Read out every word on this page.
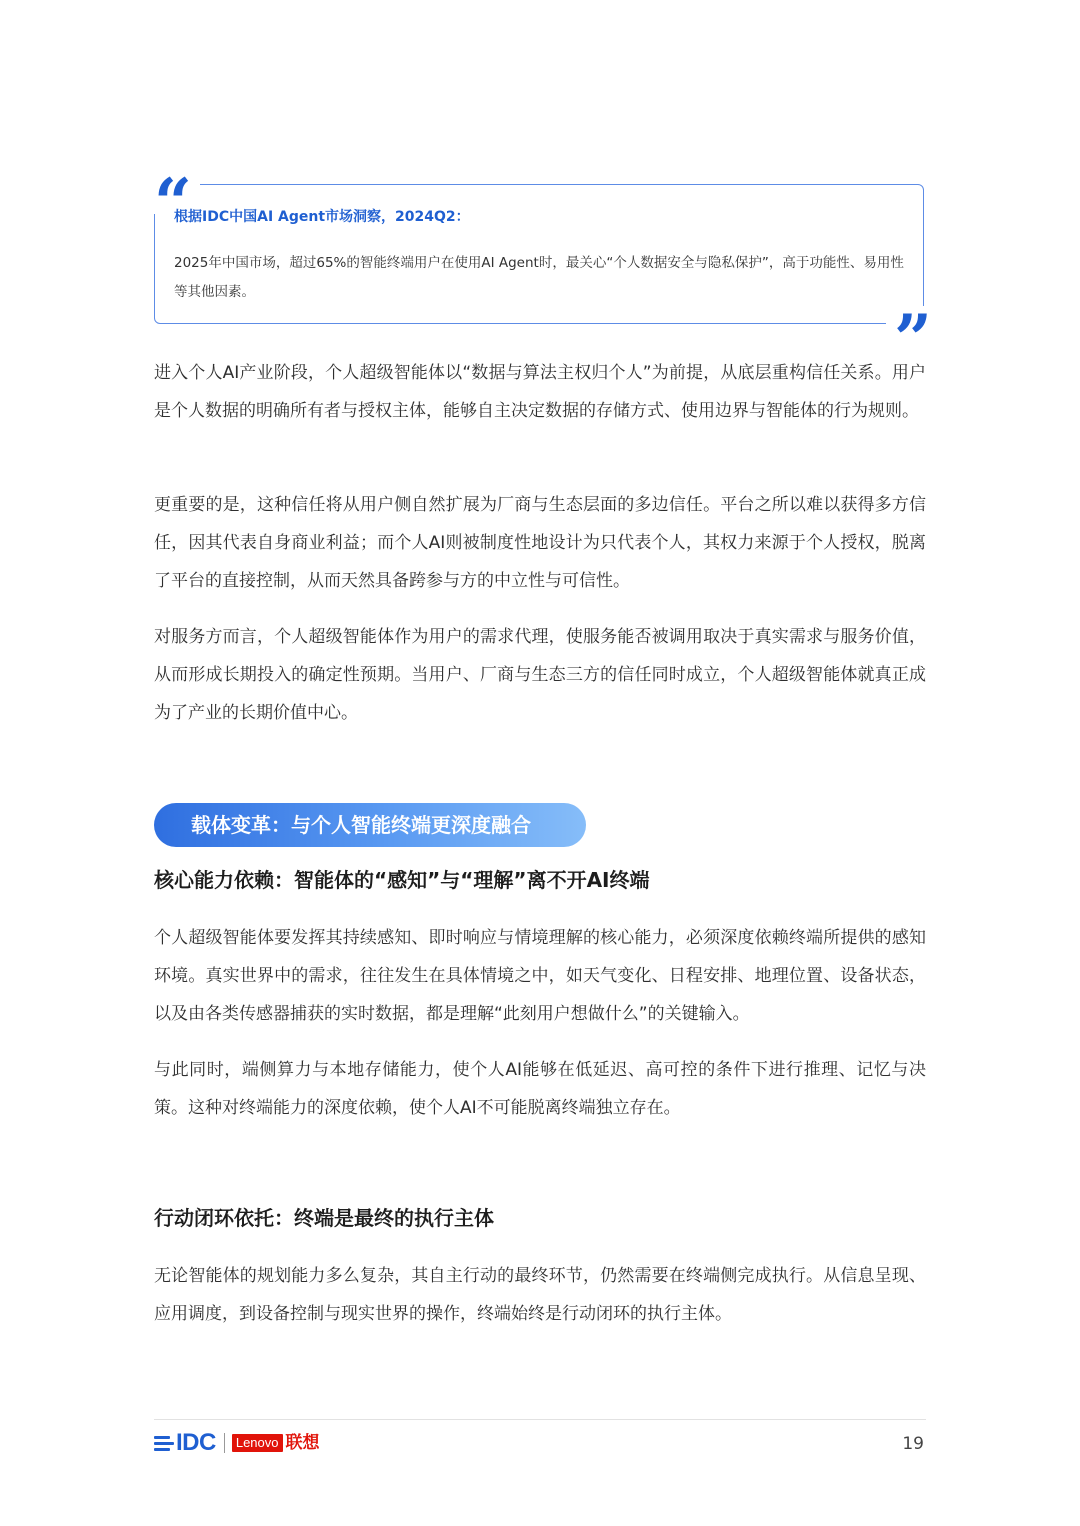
“
”
根据IDC中国AI Agent市场洞察，2024Q2：
2025年中国市场，超过65%的智能终端用户在使用AI Agent时，最关心“个人数据安全与隐私保护”，高于功能性、易用性等其他因素。

进入个人AI产业阶段，个人超级智能体以“数据与算法主权归个人”为前提，从底层重构信任关系。用户是个人数据的明确所有者与授权主体，能够自主决定数据的存储方式、使用边界与智能体的行为规则。

更重要的是，这种信任将从用户侧自然扩展为厂商与生态层面的多边信任。平台之所以难以获得多方信任，因其代表自身商业利益；而个人AI则被制度性地设计为只代表个人，其权力来源于个人授权，脱离了平台的直接控制，从而天然具备跨参与方的中立性与可信性。

对服务方而言，个人超级智能体作为用户的需求代理，使服务能否被调用取决于真实需求与服务价值，从而形成长期投入的确定性预期。当用户、厂商与生态三方的信任同时成立，个人超级智能体就真正成为了产业的长期价值中心。

载体变革：与个人智能终端更深度融合
核心能力依赖：智能体的“感知”与“理解”离不开AI终端

个人超级智能体要发挥其持续感知、即时响应与情境理解的核心能力，必须深度依赖终端所提供的感知环境。真实世界中的需求，往往发生在具体情境之中，如天气变化、日程安排、地理位置、设备状态，以及由各类传感器捕获的实时数据，都是理解“此刻用户想做什么”的关键输入。

与此同时，端侧算力与本地存储能力，使个人AI能够在低延迟、高可控的条件下进行推理、记忆与决策。这种对终端能力的深度依赖，使个人AI不可能脱离终端独立存在。

行动闭环依托：终端是最终的执行主体

无论智能体的规划能力多么复杂，其自主行动的最终环节，仍然需要在终端侧完成执行。从信息呈现、应用调度，到设备控制与现实世界的操作，终端始终是行动闭环的执行主体。

IDC	Lenovo 联想	19
